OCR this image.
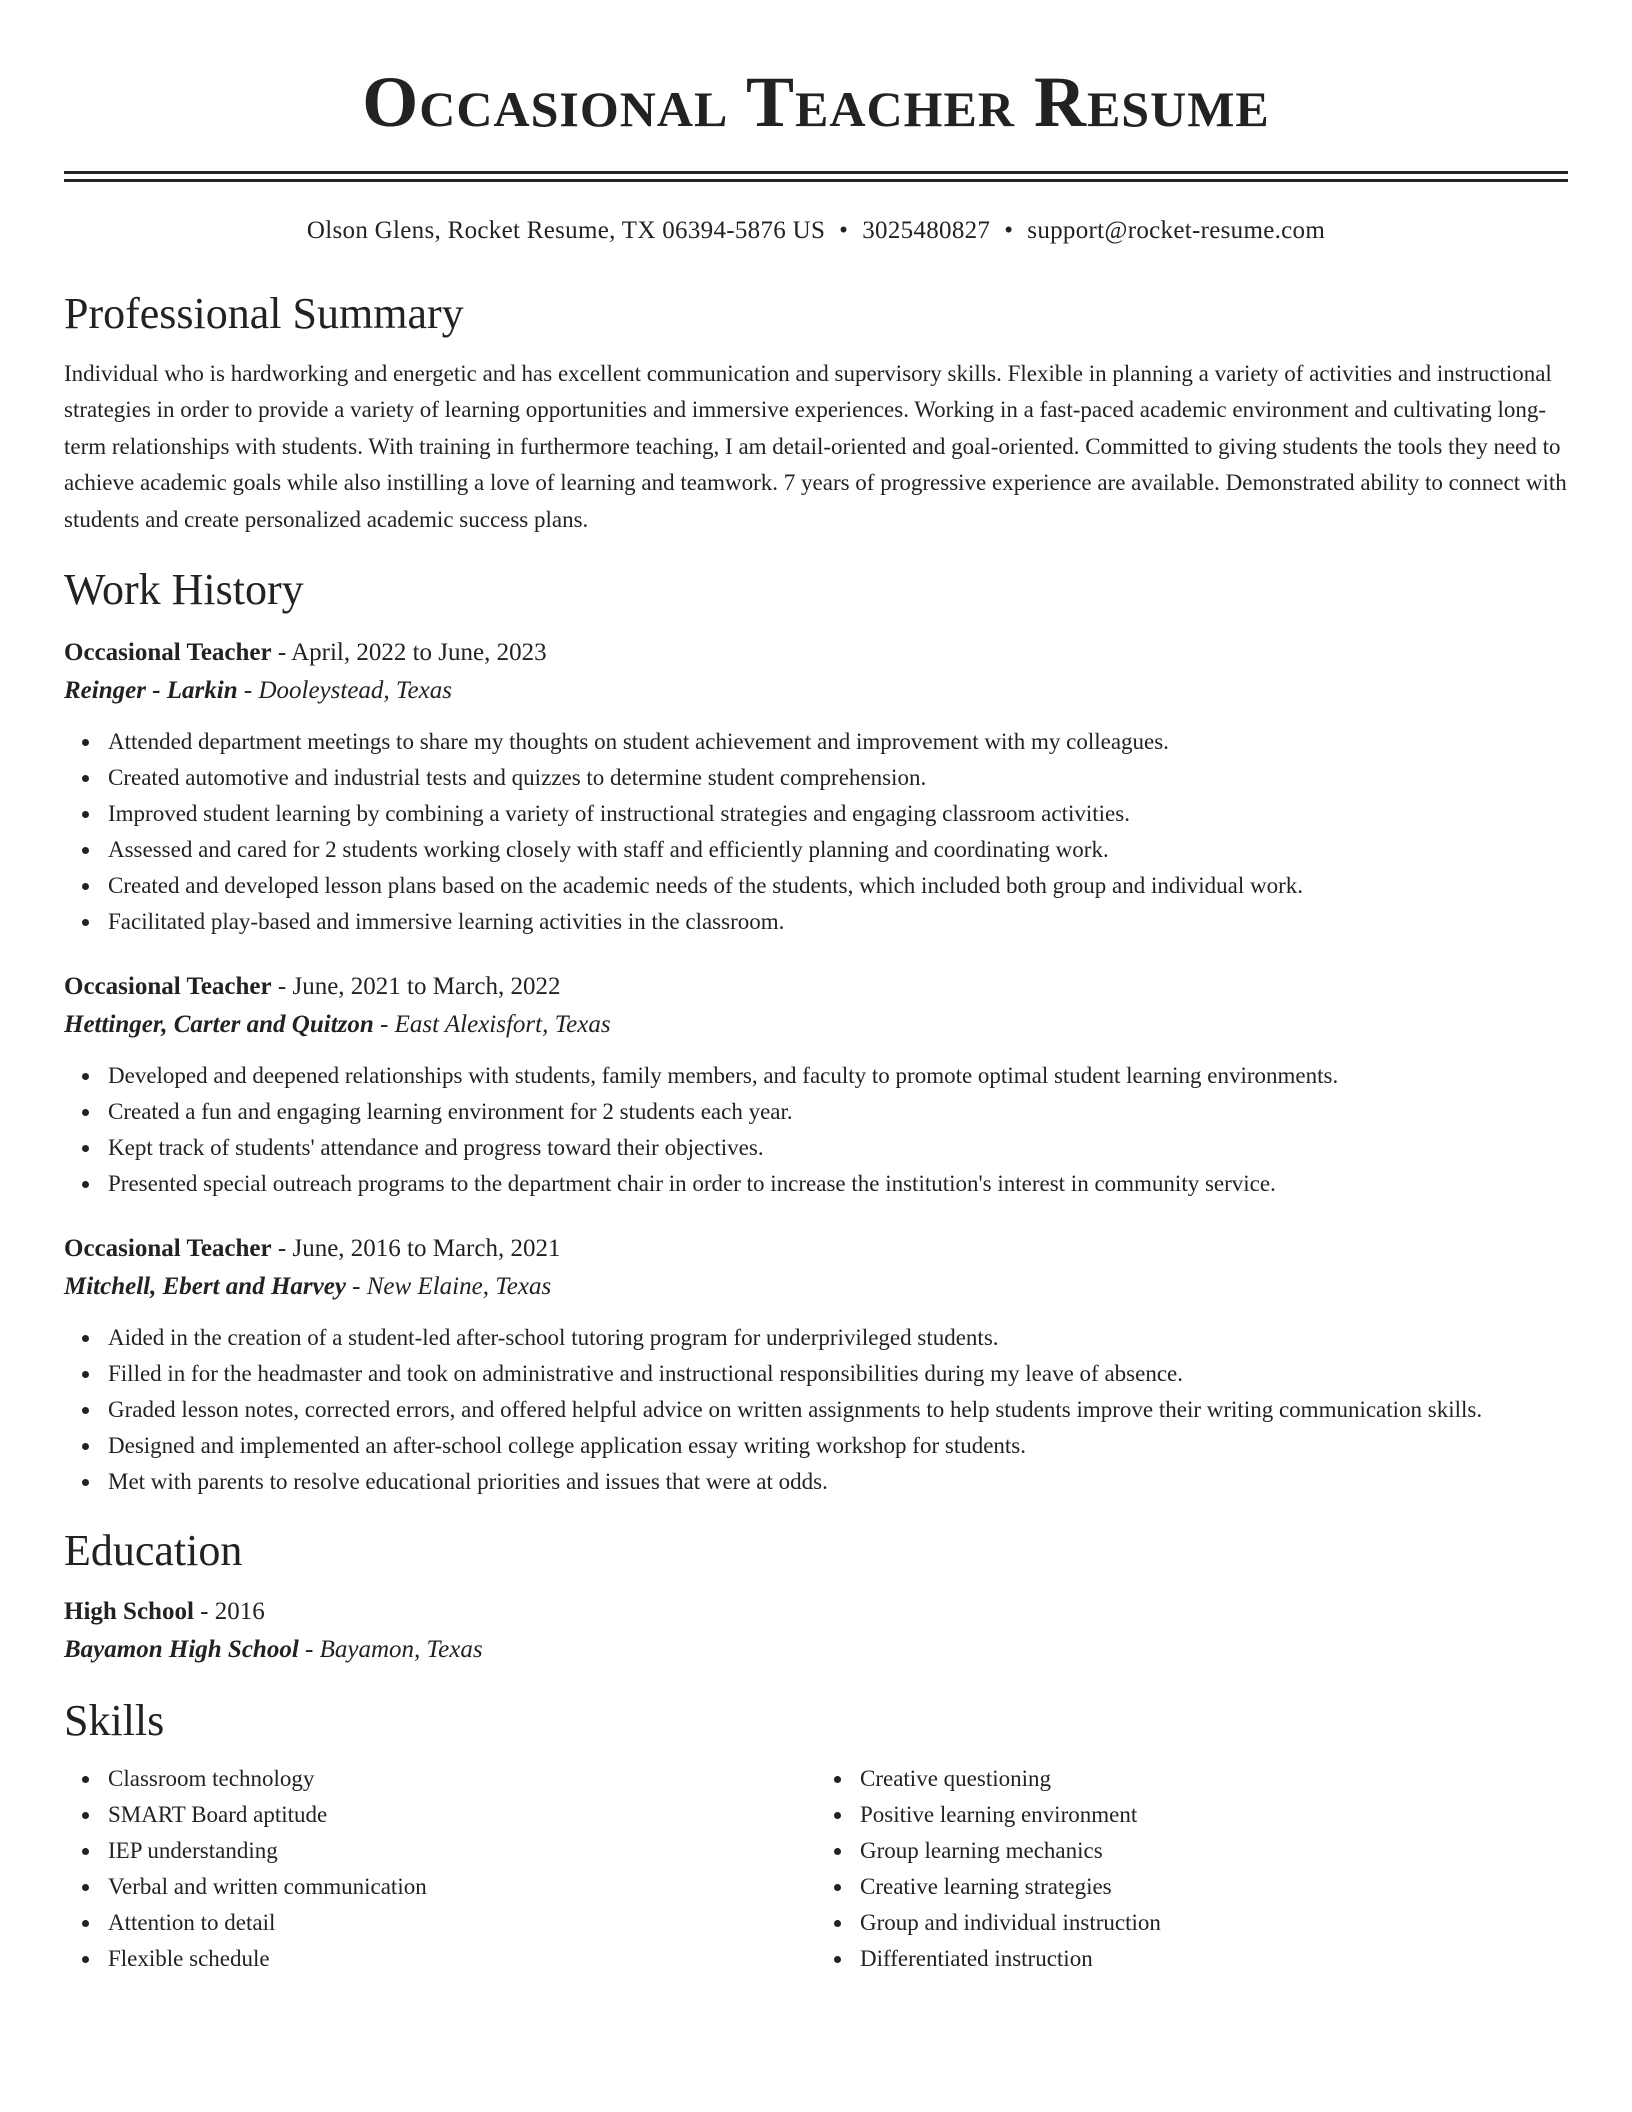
Occasional Teacher Resume
Olson Glens, Rocket Resume, TX 06394-5876 US • 3025480827 • support@rocket-resume.com
Professional Summary
Individual who is hardworking and energetic and has excellent communication and supervisory skills. Flexible in planning a variety of activities and instructional strategies in order to provide a variety of learning opportunities and immersive experiences. Working in a fast-paced academic environment and cultivating long-term relationships with students. With training in furthermore teaching, I am detail-oriented and goal-oriented. Committed to giving students the tools they need to achieve academic goals while also instilling a love of learning and teamwork. 7 years of progressive experience are available. Demonstrated ability to connect with students and create personalized academic success plans.
Work History
Occasional Teacher - April, 2022 to June, 2023
Reinger - Larkin - Dooleystead, Texas
Attended department meetings to share my thoughts on student achievement and improvement with my colleagues.
Created automotive and industrial tests and quizzes to determine student comprehension.
Improved student learning by combining a variety of instructional strategies and engaging classroom activities.
Assessed and cared for 2 students working closely with staff and efficiently planning and coordinating work.
Created and developed lesson plans based on the academic needs of the students, which included both group and individual work.
Facilitated play-based and immersive learning activities in the classroom.
Occasional Teacher - June, 2021 to March, 2022
Hettinger, Carter and Quitzon - East Alexisfort, Texas
Developed and deepened relationships with students, family members, and faculty to promote optimal student learning environments.
Created a fun and engaging learning environment for 2 students each year.
Kept track of students' attendance and progress toward their objectives.
Presented special outreach programs to the department chair in order to increase the institution's interest in community service.
Occasional Teacher - June, 2016 to March, 2021
Mitchell, Ebert and Harvey - New Elaine, Texas
Aided in the creation of a student-led after-school tutoring program for underprivileged students.
Filled in for the headmaster and took on administrative and instructional responsibilities during my leave of absence.
Graded lesson notes, corrected errors, and offered helpful advice on written assignments to help students improve their writing communication skills.
Designed and implemented an after-school college application essay writing workshop for students.
Met with parents to resolve educational priorities and issues that were at odds.
Education
High School - 2016
Bayamon High School - Bayamon, Texas
Skills
Classroom technology
SMART Board aptitude
IEP understanding
Verbal and written communication
Attention to detail
Flexible schedule
Creative questioning
Positive learning environment
Group learning mechanics
Creative learning strategies
Group and individual instruction
Differentiated instruction
